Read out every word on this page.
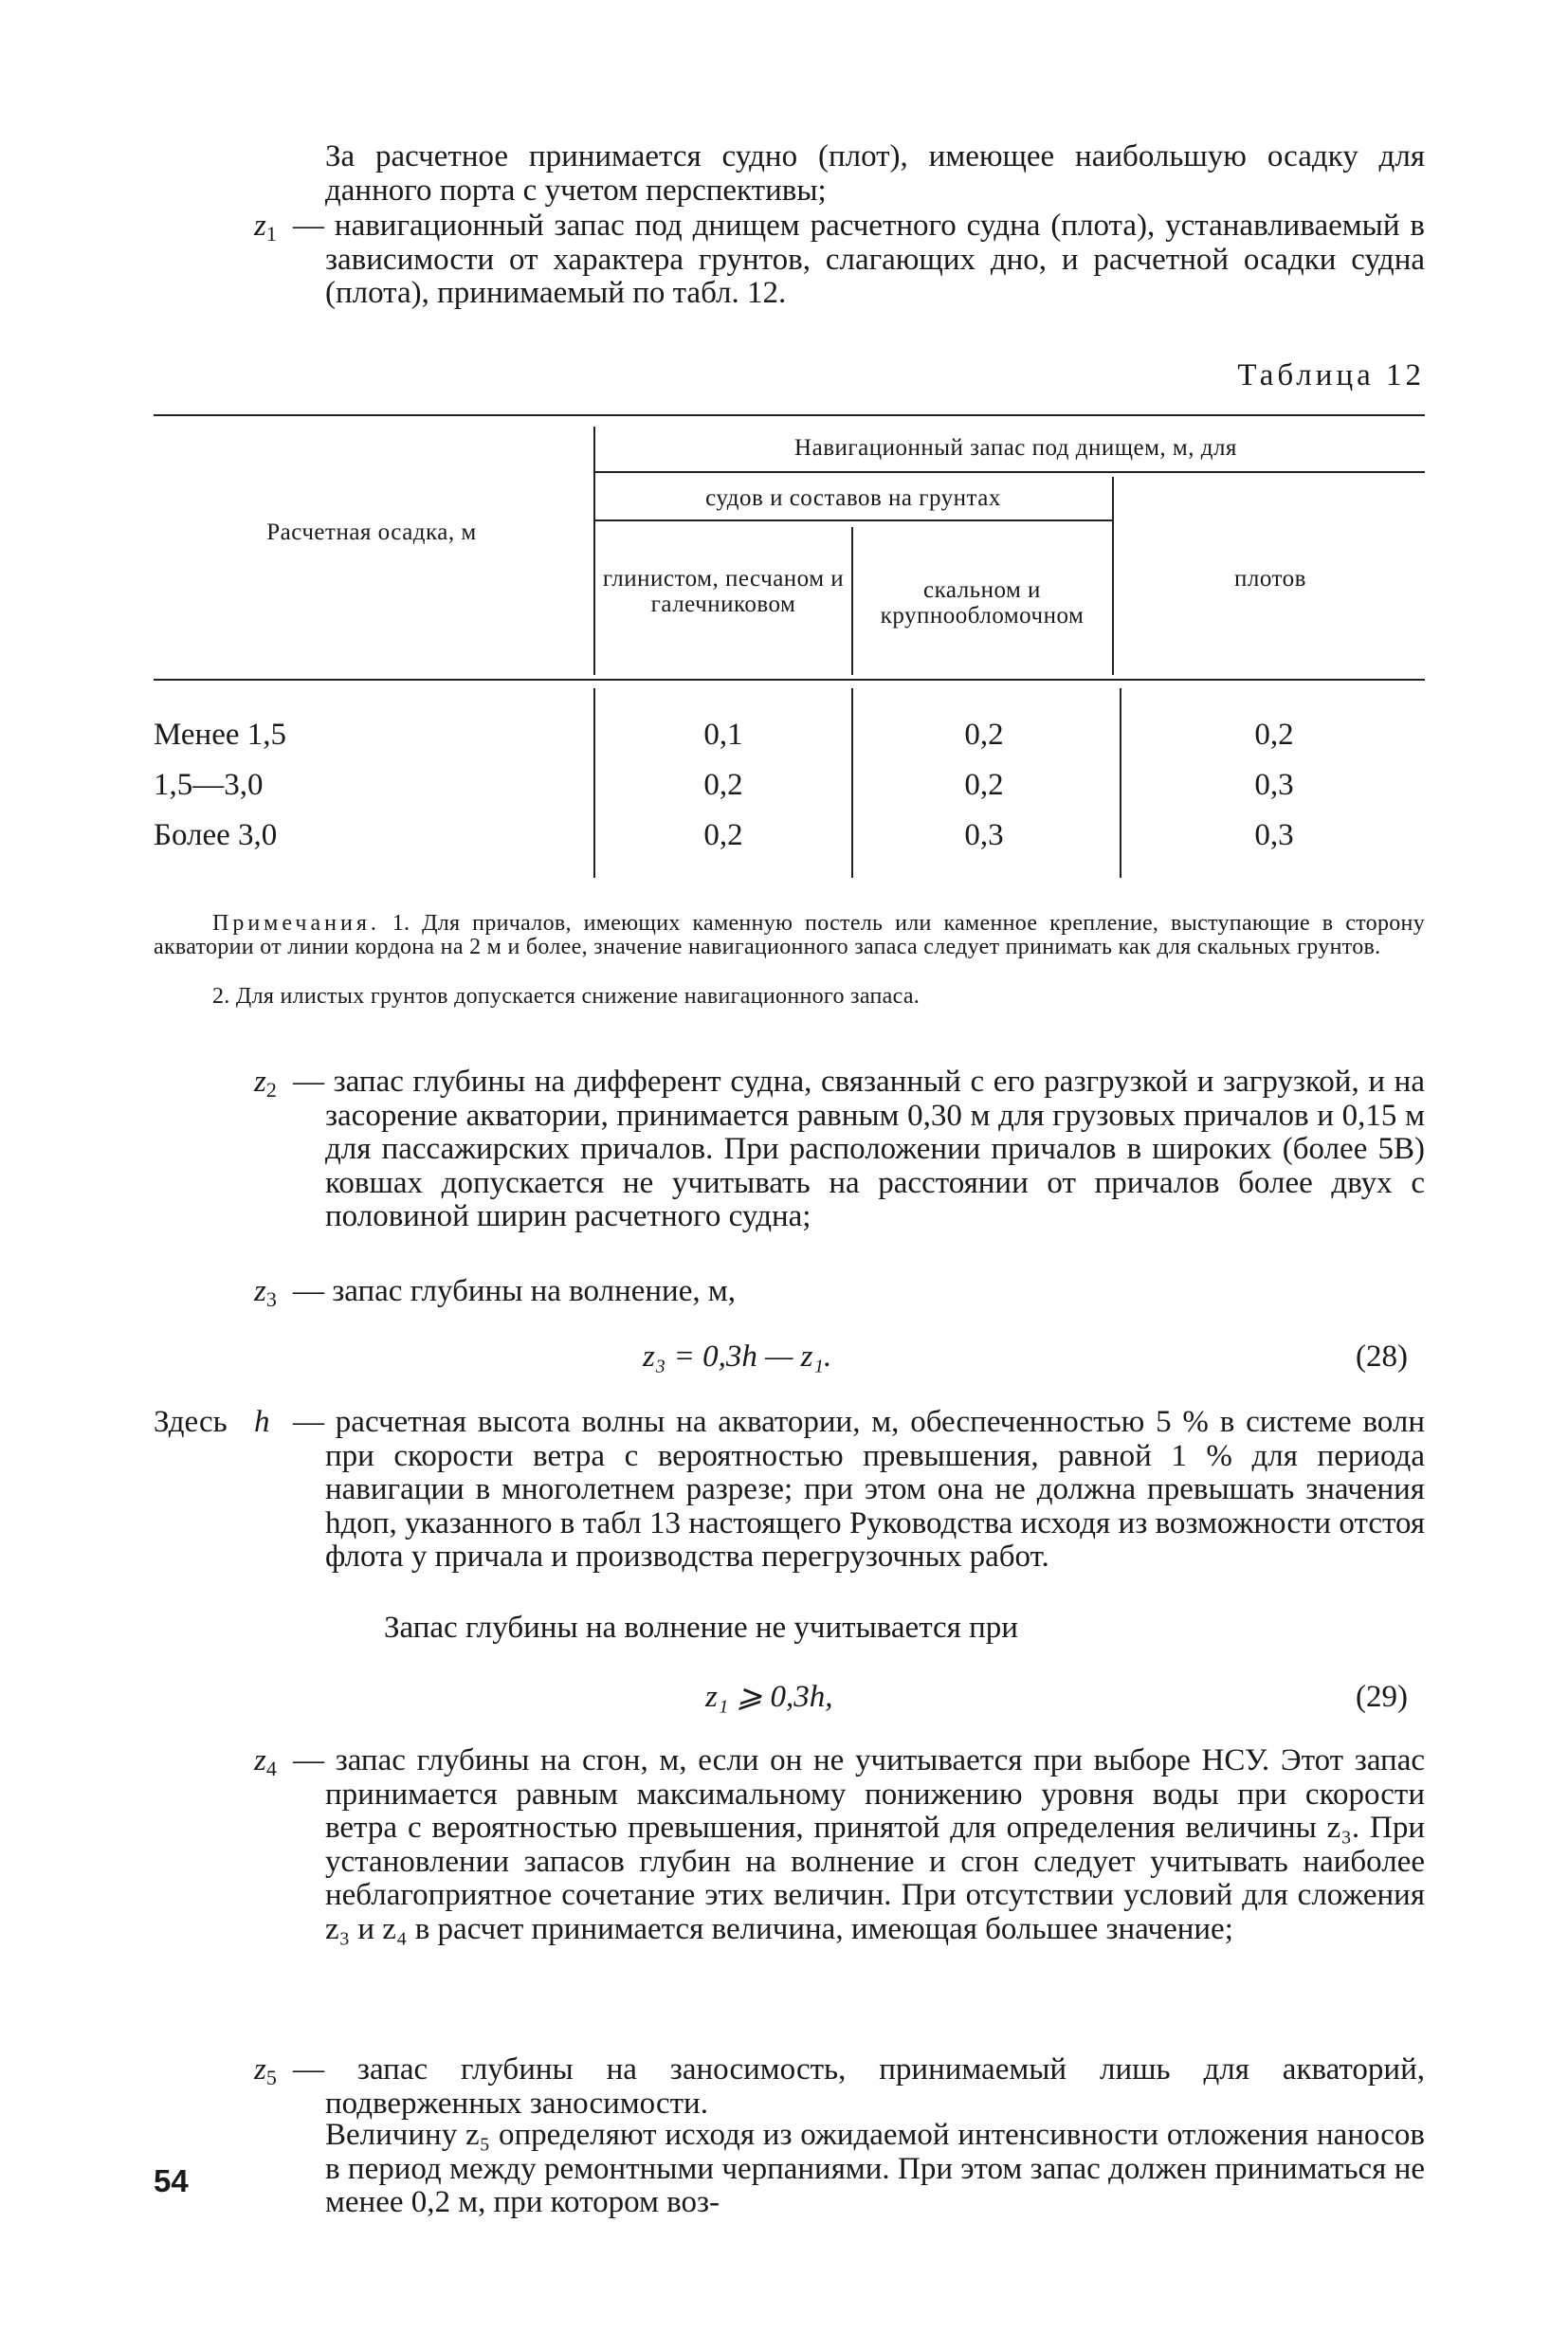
За расчетное принимается судно (плот), имеющее наибольшую осадку для данного порта с учетом перспективы;

$z_1$ — навигационный запас под днищем расчетного судна (плота), устанавливаемый в зависимости от характера грунтов, слагающих дно, и расчетной осадки судна (плота), принимаемый по табл. 12.

Таблица 12
Расчетная осадка, м
Навигационный запас под днищем, м, для
судов и составов на грунтах
глинистом, песчаном и галечниковом
скальном и крупнообломочном
плотов
Менее 1,5	0,1	0,2	0,2
1,5—3,0	0,2	0,2	0,3
Более 3,0	0,2	0,3	0,3
Примечания. 1. Для причалов, имеющих каменную постель или каменное крепление, выступающие в сторону акватории от линии кордона на 2 м и более, значение навигационного запаса следует принимать как для скальных грунтов.
2. Для илистых грунтов допускается снижение навигационного запаса.
$z_2$ — запас глубины на дифферент судна, связанный с его разгрузкой и загрузкой, и на засорение акватории, принимается равным 0,30 м для грузовых причалов и 0,15 м для пассажирских причалов. При расположении причалов в широких (более 5В) ковшах допускается не учитывать на расстоянии от причалов более двух с половиной ширин расчетного судна;

$z_3$ — запас глубины на волнение, м,

z₃ = 0,3h — z₁.	(28)
Здесь h — расчетная высота волны на акватории, м, обеспеченностью 5 % в системе волн при скорости ветра с вероятностью превышения, равной 1 % для периода навигации в многолетнем разрезе; при этом она не должна превышать значения hдоп, указанного в табл 13 настоящего Руководства исходя из возможности отстоя флота у причала и производства перегрузочных работ.

Запас глубины на волнение не учитывается при

z₁ ⩾ 0,3h,	(29)
$z_4$ — запас глубины на сгон, м, если он не учитывается при выборе НСУ. Этот запас принимается равным максимальному понижению уровня воды при скорости ветра с вероятностью превышения, принятой для определения величины z₃. При установлении запасов глубин на волнение и сгон следует учитывать наиболее неблагоприятное сочетание этих величин. При отсутствии условий для сложения z₃ и z₄ в расчет принимается величина, имеющая большее значение;

$z_5$ — запас глубины на заносимость, принимаемый лишь для акваторий, подверженных заносимости.

Величину z₅ определяют исходя из ожидаемой интенсивности отложения наносов в период между ремонтными черпаниями. При этом запас должен приниматься не менее 0,2 м, при котором воз-

54
